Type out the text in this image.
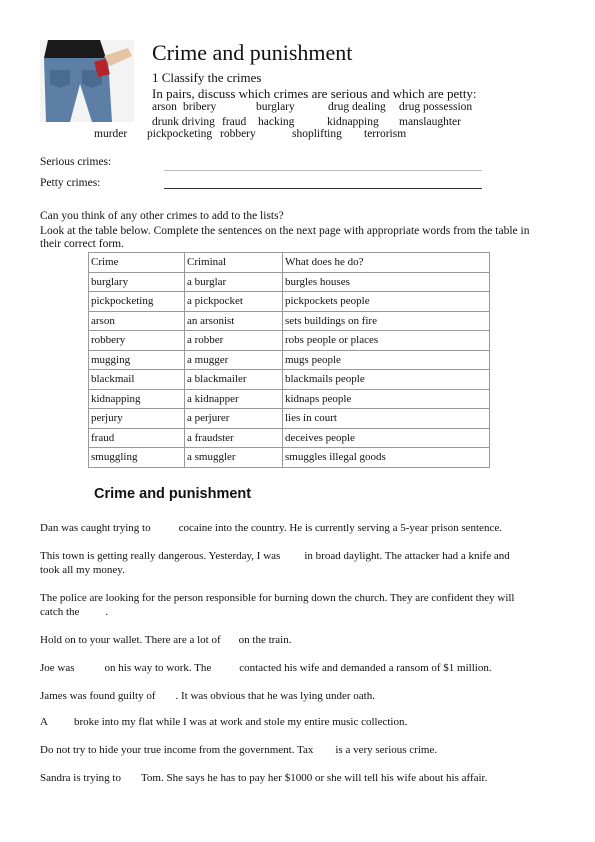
Crime and punishment
1 Classify the crimes
In pairs, discuss which crimes are serious and which are petty:
arson bribery	burglary	drug dealing drug possession
drunk driving fraud hacking	kidnapping manslaughter
murder pickpocketing robbery	shoplifting terrorism
Serious crimes:
Petty crimes:
Can you think of any other crimes to add to the lists?
Look at the table below. Complete the sentences on the next page with appropriate words from the table in
their correct form.
Crime	Criminal	What does he do?
burglary	a burglar	burgles houses
pickpocketing	a pickpocket	pickpockets people
arson	an arsonist	sets buildings on fire
robbery	a robber	robs people or places
mugging	a mugger	mugs people
blackmail	a blackmailer	blackmails people
kidnapping	a kidnapper	kidnaps people
perjury	a perjurer	lies in court
fraud	a fraudster	deceives people
smuggling	a smuggler	smuggles illegal goods
Crime and punishment
Dan was caught trying to	cocaine into the country. He is currently serving a 5-year prison sentence.
This town is getting really dangerous. Yesterday, I was in broad daylight. The attacker had a knife and
took all my money.
The police are looking for the person responsible for burning down the church. They are confident they will
catch the .
Hold on to your wallet. There are a lot of on the train.
Joe was	on his way to work. The	contacted his wife and demanded a ransom of $1 million.
James was found guilty of . It was obvious that he was lying under oath.
A broke into my flat while I was at work and stole my entire music collection.
Do not try to hide your true income from the government. Tax is a very serious crime.
Sandra is trying to Tom. She says he has to pay her $1000 or she will tell his wife about his affair.
